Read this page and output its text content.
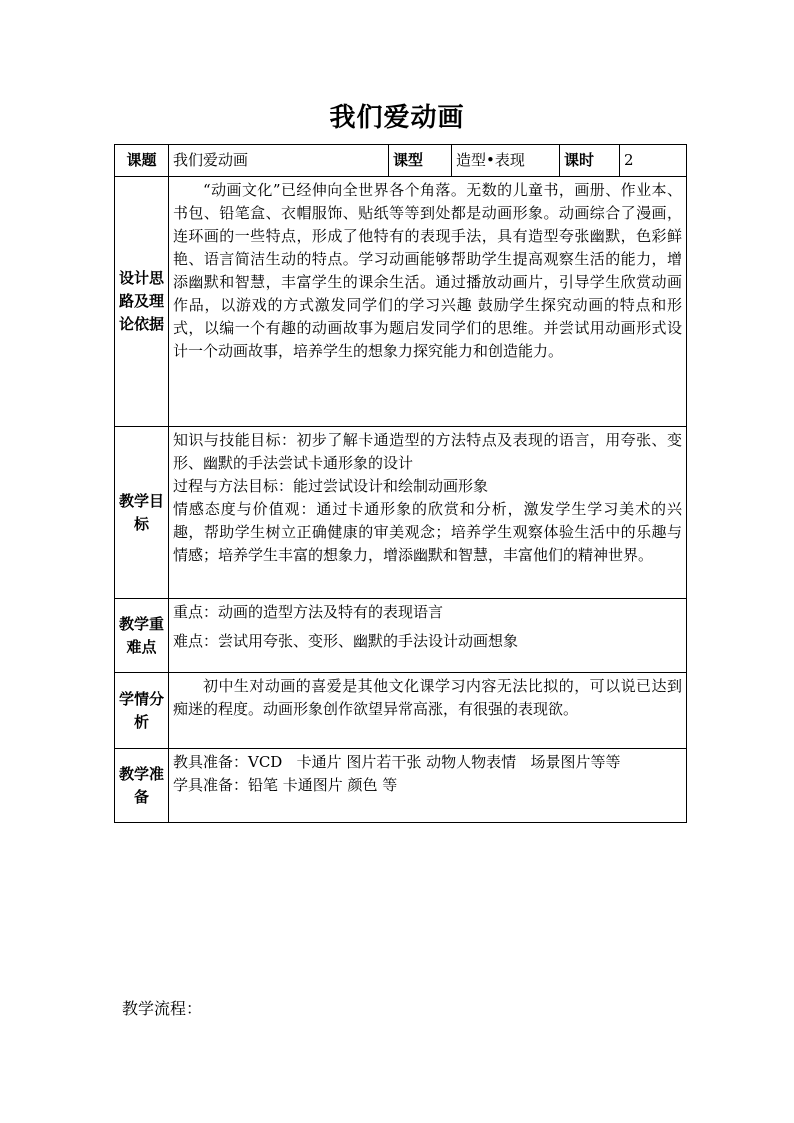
我们爱动画
课题	我们爱动画	课型	造型•表现	课时	2
设计思路及理论依据	“动画文化”已经伸向全世界各个角落。无数的儿童书，画册、作业本、书包、铅笔盒、衣帽服饰、贴纸等等到处都是动画形象。动画综合了漫画，连环画的一些特点，形成了他特有的表现手法，具有造型夸张幽默，色彩鲜艳、语言简洁生动的特点。学习动画能够帮助学生提高观察生活的能力，增添幽默和智慧，丰富学生的课余生活。通过播放动画片，引导学生欣赏动画作品，以游戏的方式激发同学们的学习兴趣 鼓励学生探究动画的特点和形式，以编一个有趣的动画故事为题启发同学们的思维。并尝试用动画形式设计一个动画故事，培养学生的想象力探究能力和创造能力。				
教学目标	知识与技能目标：初步了解卡通造型的方法特点及表现的语言，用夸张、变形、幽默的手法尝试卡通形象的设计
过程与方法目标：能过尝试设计和绘制动画形象
情感态度与价值观：通过卡通形象的欣赏和分析，激发学生学习美术的兴趣，帮助学生树立正确健康的审美观念；培养学生观察体验生活中的乐趣与情感；培养学生丰富的想象力，增添幽默和智慧，丰富他们的精神世界。				

教学重难点	重点：动画的造型方法及特有的表现语言
难点：尝试用夸张、变形、幽默的手法设计动画想象				

学情分析	初中生对动画的喜爱是其他文化课学习内容无法比拟的，可以说已达到痴迷的程度。动画形象创作欲望异常高涨，有很强的表现欲。				
教学准备	教具准备：VCD   卡通片 图片若干张 动物人物表情   场景图片等等
学具准备：铅笔 卡通图片 颜色 等				
教学流程：
